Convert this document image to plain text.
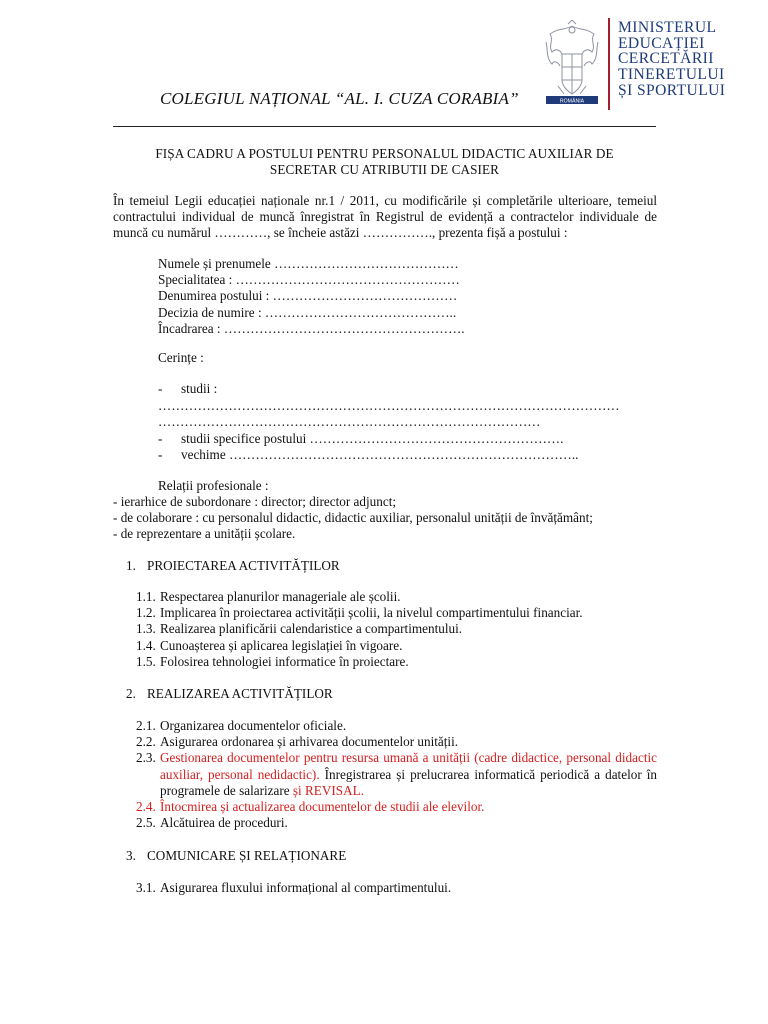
COLEGIUL NAȚIONAL “AL. I. CUZA CORABIA”	ROMÂNIA
MINISTERUL
EDUCAȚIEI
CERCETĂRII
TINERETULUI
ȘI SPORTULUI
FIȘA CADRU A POSTULUI PENTRU PERSONALUL DIDACTIC AUXILIAR DE
SECRETAR CU ATRIBUTII DE CASIER
În temeiul Legii educației naționale nr.1 / 2011, cu modificările și completările ulterioare, temeiul contractului individual de muncă înregistrat în Registrul de evidență a contractelor individuale de muncă cu numărul …………, se încheie astăzi ……………., prezenta fișă a postului :
Numele și prenumele ……………………………………
Specialitatea : ……………………………………………
Denumirea postului : ……………………………………
Decizia de numire : ……………………………………..
Încadrarea : ……………………………………………….
Cerințe :
- studii :
……………………………………………………………………………………………
……………………………………………………………………………
- studii specifice postului ………………………………………………….
- vechime ……………………………………………………………………..
Relații profesionale :
- ierarhice de subordonare : director; director adjunct;
- de colaborare : cu personalul didactic, didactic auxiliar, personalul unității de învățământ;
- de reprezentare a unității școlare.
1. PROIECTAREA ACTIVITĂȚILOR
1.1. Respectarea planurilor manageriale ale școlii.
1.2. Implicarea în proiectarea activității școlii, la nivelul compartimentului financiar.
1.3. Realizarea planificării calendaristice a compartimentului.
1.4. Cunoașterea și aplicarea legislației în vigoare.
1.5. Folosirea tehnologiei informatice în proiectare.
2. REALIZAREA ACTIVITĂȚILOR
2.1. Organizarea documentelor oficiale.
2.2. Asigurarea ordonarea și arhivarea documentelor unității.
2.3. Gestionarea documentelor pentru resursa umană a unității (cadre didactice, personal didactic auxiliar, personal nedidactic). Înregistrarea și prelucrarea informatică periodică a datelor în programele de salarizare și REVISAL.
2.4. Întocmirea și actualizarea documentelor de studii ale elevilor.
2.5. Alcătuirea de proceduri.
3. COMUNICARE ȘI RELAȚIONARE
3.1. Asigurarea fluxului informațional al compartimentului.
